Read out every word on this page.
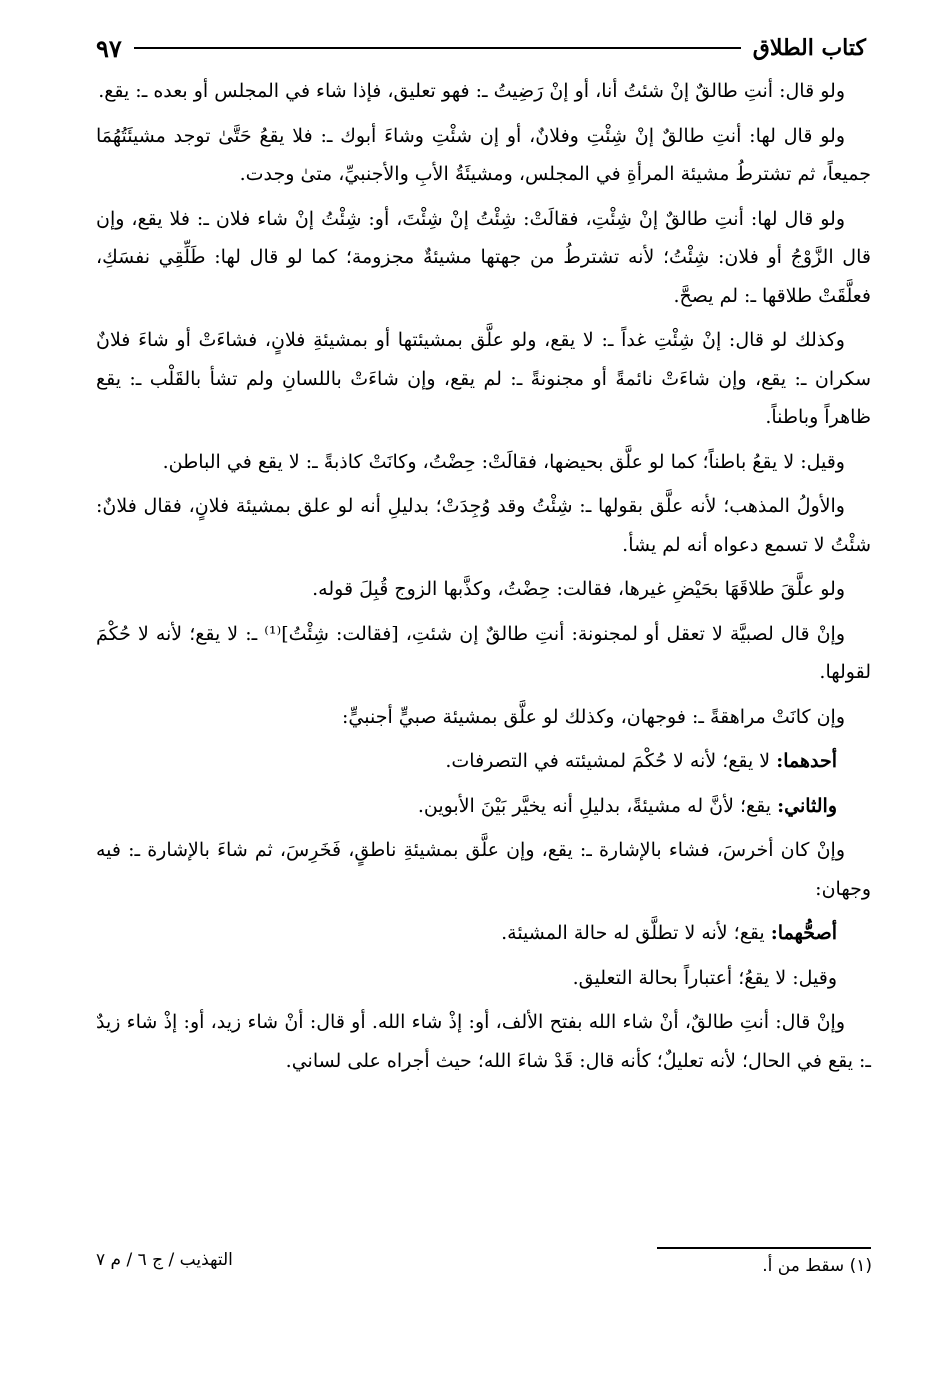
كتاب الطلاق
٩٧

ولو قال: أنتِ طالقٌ إنْ شئتُ أنا، أو إنْ رَضِيتُ ـ: فهو تعليق، فإذا شاء في المجلس أو بعده ـ: يقع.

ولو قال لها: أنتِ طالقٌ إنْ شِئْتِ وفلانٌ، أو إن شئْتِ وشاءَ أبوك ـ: فلا يقعُ حَتَّىٰ توجد مشيئَتُهُمَا جميعاً، ثم تشترطُ مشيئة المرأةِ في المجلس، ومشيئَةُ الأبِ والأجنبيِّ، متىٰ وجدت.

ولو قال لها: أنتِ طالقٌ إنْ شِئْتِ، فقالَتْ: شِئْتُ إنْ شِئْتَ، أو: شِئْتُ إنْ شاء فلان ـ: فلا يقع، وإن قال الزَّوْجُ أو فلان: شِئْتُ؛ لأنه تشترطُ من جهتها مشيئةٌ مجزومة؛ كما لو قال لها: طَلِّقِي نفسَكِ، فعلَّقَتْ طلاقها ـ: لم يصحَّ.

وكذلك لو قال: إنْ شِئْتِ غداً ـ: لا يقع، ولو علَّق بمشيئتها أو بمشيئةِ فلانٍ، فشاءَتْ أو شاءَ فلانٌ سكران ـ: يقع، وإن شاءَتْ نائمةً أو مجنونةً ـ: لم يقع، وإن شاءَتْ باللسانِ ولم تشأ بالقَلْب ـ: يقع ظاهراً وباطناً.

وقيل: لا يقعُ باطناً؛ كما لو علَّق بحيضها، فقالَتْ: حِضْتُ، وكانَتْ كاذبةً ـ: لا يقع في الباطن.

والأولُ المذهب؛ لأنه علَّق بقولها ـ: شِئْتُ وقد وُجِدَتْ؛ بدليلِ أنه لو علق بمشيئة فلانٍ، فقال فلانٌ: شئْتُ لا تسمع دعواه أنه لم يشأ.

ولو علَّقَ طلاقَهَا بحَيْضِ غيرها، فقالت: حِضْتُ، وكذَّبها الزوج قُبِلَ قوله.

وإنْ قال لصبيَّة لا تعقل أو لمجنونة: أنتِ طالقٌ إن شئتِ، [فقالت: شِئْتُ]⁽¹⁾ ـ: لا يقع؛ لأنه لا حُكْمَ لقولها.

وإن كانَتْ مراهقةً ـ: فوجهان، وكذلك لو علَّق بمشيئة صبيٍّ أجنبيٍّ:

أحدهما: لا يقع؛ لأنه لا حُكْمَ لمشيئته في التصرفات.

والثاني: يقع؛ لأنَّ له مشيئةً، بدليلِ أنه يخيَّر بَيْنَ الأبوين.

وإنْ كان أخرسَ، فشاء بالإشارة ـ: يقع، وإن علَّق بمشيئةِ ناطقٍ، فَخَرِسَ، ثم شاءَ بالإشارة ـ: فيه وجهان:

أصحُّهما: يقع؛ لأنه لا تطلَّق له حالة المشيئة.

وقيل: لا يقعُ؛ أعتباراً بحالة التعليق.

وإنْ قال: أنتِ طالقٌ، أنْ شاء الله بفتح الألف، أو: إذْ شاء الله. أو قال: أنْ شاء زيد، أو: إذْ شاء زيدٌ ـ: يقع في الحال؛ لأنه تعليلٌ؛ كأنه قال: قَدْ شاءَ الله؛ حيث أجراه على لساني.

(١) سقط من أ.
التهذيب / ج ٦ / م ٧
